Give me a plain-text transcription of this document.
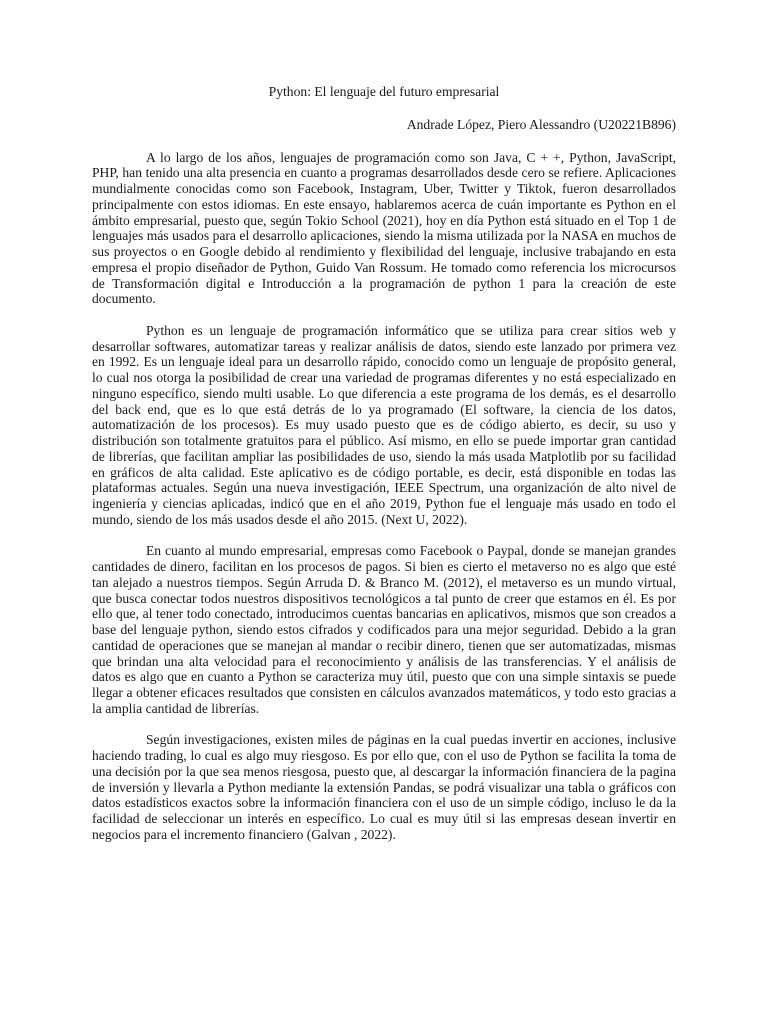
Python: El lenguaje del futuro empresarial
Andrade López, Piero Alessandro (U20221B896)

A lo largo de los años, lenguajes de programación como son Java, C + +, Python, JavaScript, PHP, han tenido una alta presencia en cuanto a programas desarrollados desde cero se refiere. Aplicaciones mundialmente conocidas como son Facebook, Instagram, Uber, Twitter y Tiktok, fueron desarrollados principalmente con estos idiomas. En este ensayo, hablaremos acerca de cuán importante es Python en el ámbito empresarial, puesto que, según Tokio School (2021), hoy en día Python está situado en el Top 1 de lenguajes más usados para el desarrollo aplicaciones, siendo la misma utilizada por la NASA en muchos de sus proyectos o en Google debido al rendimiento y flexibilidad del lenguaje, inclusive trabajando en esta empresa el propio diseñador de Python, Guido Van Rossum. He tomado como referencia los microcursos de Transformación digital e Introducción a la programación de python 1 para la creación de este documento.

Python es un lenguaje de programación informático que se utiliza para crear sitios web y desarrollar softwares, automatizar tareas y realizar análisis de datos, siendo este lanzado por primera vez en 1992. Es un lenguaje ideal para un desarrollo rápido, conocido como un lenguaje de propósito general, lo cual nos otorga la posibilidad de crear una variedad de programas diferentes y no está especializado en ninguno específico, siendo multi usable. Lo que diferencia a este programa de los demás, es el desarrollo del back end, que es lo que está detrás de lo ya programado (El software, la ciencia de los datos, automatización de los procesos). Es muy usado puesto que es de código abierto, es decir, su uso y distribución son totalmente gratuitos para el público. Así mismo, en ello se puede importar gran cantidad de librerías, que facilitan ampliar las posibilidades de uso, siendo la más usada Matplotlib por su facilidad en gráficos de alta calidad. Este aplicativo es de código portable, es decir, está disponible en todas las plataformas actuales. Según una nueva investigación, IEEE Spectrum, una organización de alto nivel de ingeniería y ciencias aplicadas, indicó que en el año 2019, Python fue el lenguaje más usado en todo el mundo, siendo de los más usados desde el año 2015. (Next U, 2022).

En cuanto al mundo empresarial, empresas como Facebook o Paypal, donde se manejan grandes cantidades de dinero, facilitan en los procesos de pagos. Si bien es cierto el metaverso no es algo que esté tan alejado a nuestros tiempos. Según Arruda D. & Branco M. (2012), el metaverso es un mundo virtual, que busca conectar todos nuestros dispositivos tecnológicos a tal punto de creer que estamos en él. Es por ello que, al tener todo conectado, introducimos cuentas bancarias en aplicativos, mismos que son creados a base del lenguaje python, siendo estos cifrados y codificados para una mejor seguridad. Debido a la gran cantidad de operaciones que se manejan al mandar o recibir dinero, tienen que ser automatizadas, mismas que brindan una alta velocidad para el reconocimiento y análisis de las transferencias. Y el análisis de datos es algo que en cuanto a Python se caracteriza muy útil, puesto que con una simple sintaxis se puede llegar a obtener eficaces resultados que consisten en cálculos avanzados matemáticos, y todo esto gracias a la amplia cantidad de librerías.

Según investigaciones, existen miles de páginas en la cual puedas invertir en acciones, inclusive haciendo trading, lo cual es algo muy riesgoso. Es por ello que, con el uso de Python se facilita la toma de una decisión por la que sea menos riesgosa, puesto que, al descargar la información financiera de la pagina de inversión y llevarla a Python mediante la extensión Pandas, se podrá visualizar una tabla o gráficos con datos estadísticos exactos sobre la información financiera con el uso de un simple código, incluso le da la facilidad de seleccionar un interés en específico. Lo cual es muy útil si las empresas desean invertir en negocios para el incremento financiero (Galvan , 2022).
